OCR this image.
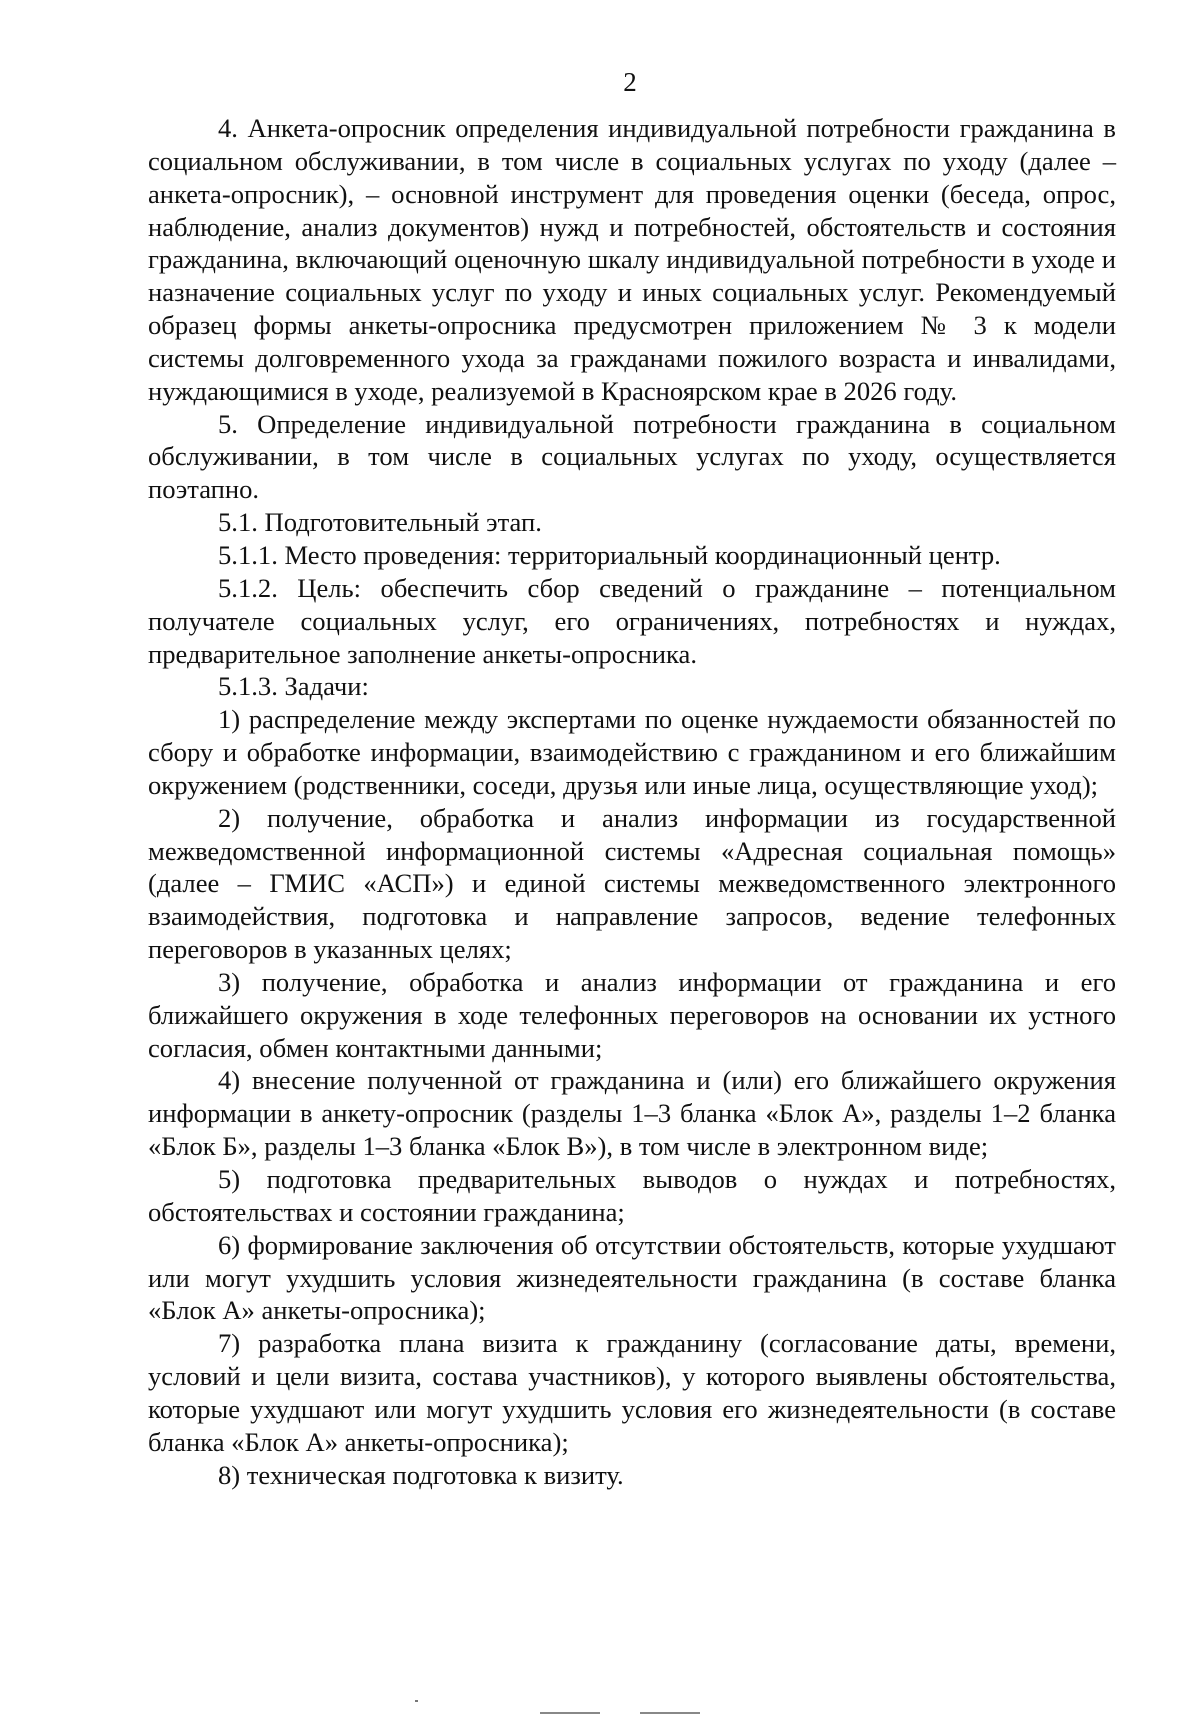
2

4. Анкета-опросник определения индивидуальной потребности гражданина в социальном обслуживании, в том числе в социальных услугах по уходу (далее – анкета-опросник), – основной инструмент для проведения оценки (беседа, опрос, наблюдение, анализ документов) нужд и потребностей, обстоятельств и состояния гражданина, включающий оценочную шкалу индивидуальной потребности в уходе и назначение социальных услуг по уходу и иных социальных услуг. Рекомендуемый образец формы анкеты-опросника предусмотрен приложением № 3 к модели системы долговременного ухода за гражданами пожилого возраста и инвалидами, нуждающимися в уходе, реализуемой в Красноярском крае в 2026 году.

5. Определение индивидуальной потребности гражданина в социальном обслуживании, в том числе в социальных услугах по уходу, осуществляется поэтапно.

5.1. Подготовительный этап.

5.1.1. Место проведения: территориальный координационный центр.

5.1.2. Цель: обеспечить сбор сведений о гражданине – потенциальном получателе социальных услуг, его ограничениях, потребностях и нуждах, предварительное заполнение анкеты-опросника.

5.1.3. Задачи:

1) распределение между экспертами по оценке нуждаемости обязанностей по сбору и обработке информации, взаимодействию с гражданином и его ближайшим окружением (родственники, соседи, друзья или иные лица, осуществляющие уход);

2) получение, обработка и анализ информации из государственной межведомственной информационной системы «Адресная социальная помощь» (далее – ГМИС «АСП») и единой системы межведомственного электронного взаимодействия, подготовка и направление запросов, ведение телефонных переговоров в указанных целях;

3) получение, обработка и анализ информации от гражданина и его ближайшего окружения в ходе телефонных переговоров на основании их устного согласия, обмен контактными данными;

4) внесение полученной от гражданина и (или) его ближайшего окружения информации в анкету-опросник (разделы 1–3 бланка «Блок А», разделы 1–2 бланка «Блок Б», разделы 1–3 бланка «Блок В»), в том числе в электронном виде;

5) подготовка предварительных выводов о нуждах и потребностях, обстоятельствах и состоянии гражданина;

6) формирование заключения об отсутствии обстоятельств, которые ухудшают или могут ухудшить условия жизнедеятельности гражданина (в составе бланка «Блок А» анкеты-опросника);

7) разработка плана визита к гражданину (согласование даты, времени, условий и цели визита, состава участников), у которого выявлены обстоятельства, которые ухудшают или могут ухудшить условия его жизнедеятельности (в составе бланка «Блок А» анкеты-опросника);

8) техническая подготовка к визиту.
